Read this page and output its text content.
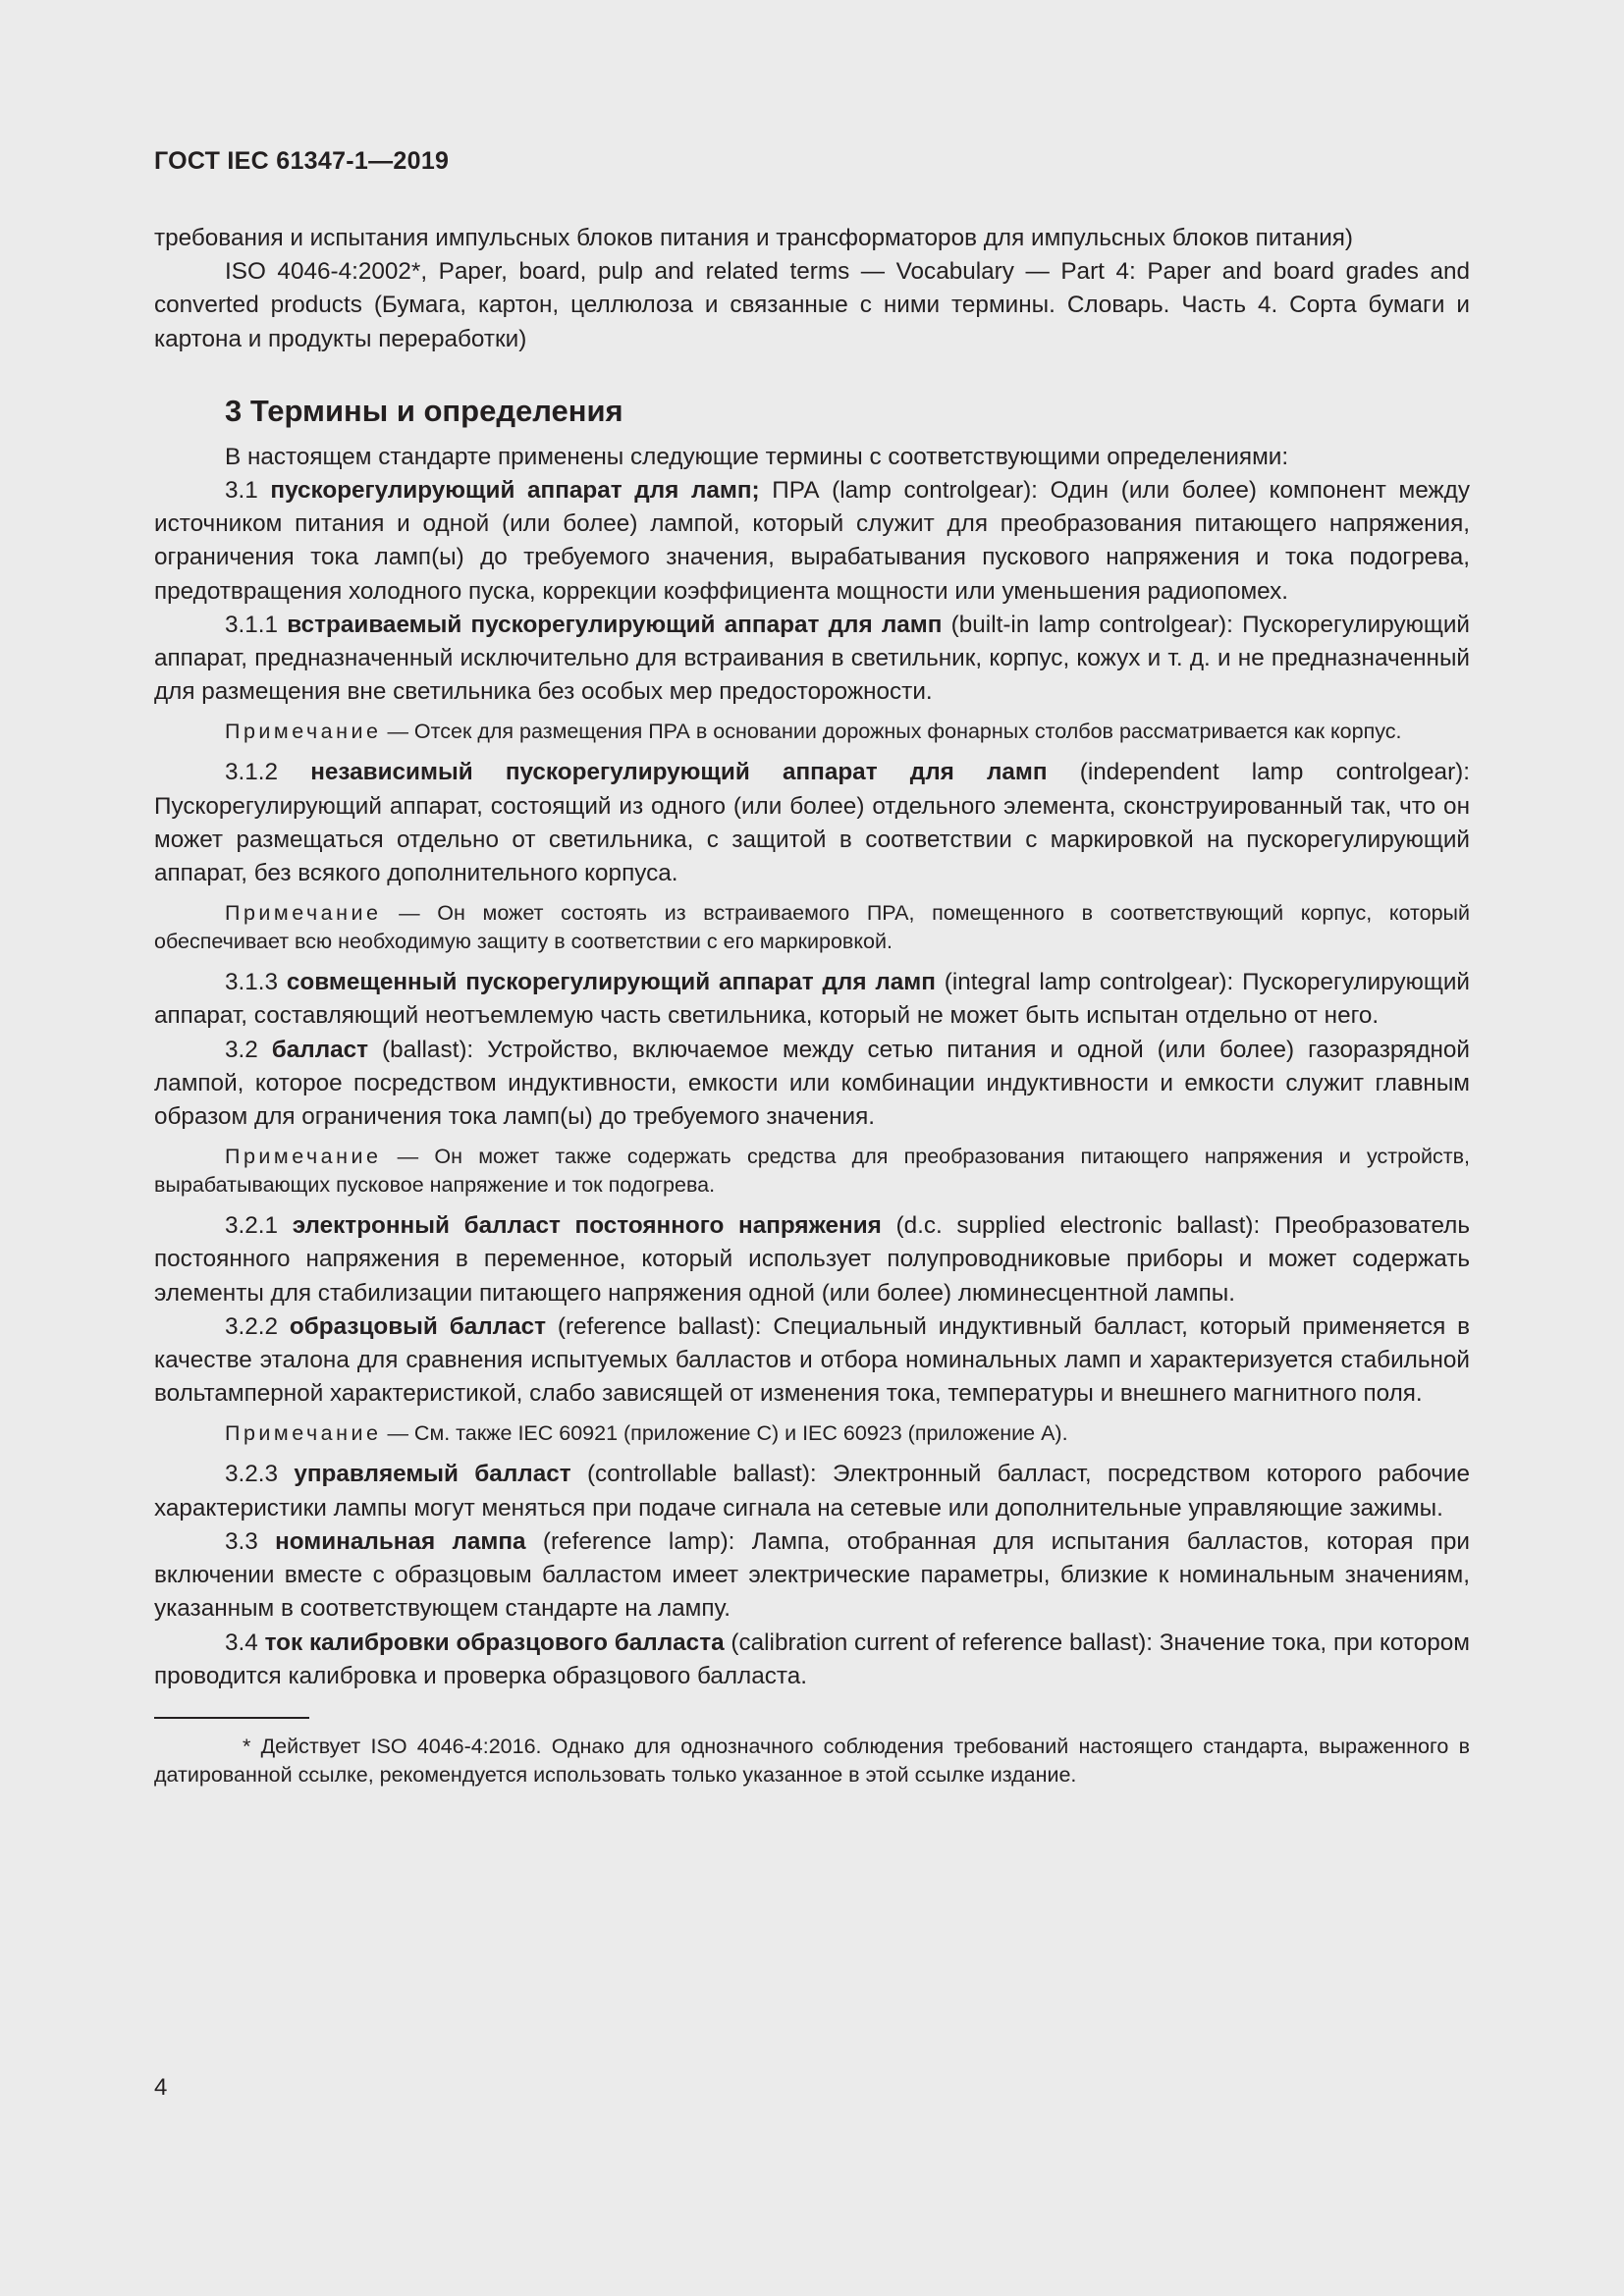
ГОСТ IEC 61347-1—2019

требования и испытания импульсных блоков питания и трансформаторов для импульсных блоков питания)

ISO 4046-4:2002*, Paper, board, pulp and related terms — Vocabulary — Part 4: Paper and board grades and converted products (Бумага, картон, целлюлоза и связанные с ними термины. Словарь. Часть 4. Сорта бумаги и картона и продукты переработки)

3 Термины и определения

В настоящем стандарте применены следующие термины с соответствующими определениями:

3.1 пускорегулирующий аппарат для ламп; ПРА (lamp controlgear): Один (или более) компонент между источником питания и одной (или более) лампой, который служит для преобразования питающего напряжения, ограничения тока ламп(ы) до требуемого значения, вырабатывания пускового напряжения и тока подогрева, предотвращения холодного пуска, коррекции коэффициента мощности или уменьшения радиопомех.

3.1.1 встраиваемый пускорегулирующий аппарат для ламп (built-in lamp controlgear): Пускорегулирующий аппарат, предназначенный исключительно для встраивания в светильник, корпус, кожух и т. д. и не предназначенный для размещения вне светильника без особых мер предосторожности.

Примечание — Отсек для размещения ПРА в основании дорожных фонарных столбов рассматривается как корпус.

3.1.2 независимый пускорегулирующий аппарат для ламп (independent lamp controlgear): Пускорегулирующий аппарат, состоящий из одного (или более) отдельного элемента, сконструированный так, что он может размещаться отдельно от светильника, с защитой в соответствии с маркировкой на пускорегулирующий аппарат, без всякого дополнительного корпуса.

Примечание — Он может состоять из встраиваемого ПРА, помещенного в соответствующий корпус, который обеспечивает всю необходимую защиту в соответствии с его маркировкой.

3.1.3 совмещенный пускорегулирующий аппарат для ламп (integral lamp controlgear): Пускорегулирующий аппарат, составляющий неотъемлемую часть светильника, который не может быть испытан отдельно от него.

3.2 балласт (ballast): Устройство, включаемое между сетью питания и одной (или более) газоразрядной лампой, которое посредством индуктивности, емкости или комбинации индуктивности и емкости служит главным образом для ограничения тока ламп(ы) до требуемого значения.

Примечание — Он может также содержать средства для преобразования питающего напряжения и устройств, вырабатывающих пусковое напряжение и ток подогрева.

3.2.1 электронный балласт постоянного напряжения (d.c. supplied electronic ballast): Преобразователь постоянного напряжения в переменное, который использует полупроводниковые приборы и может содержать элементы для стабилизации питающего напряжения одной (или более) люминесцентной лампы.

3.2.2 образцовый балласт (reference ballast): Специальный индуктивный балласт, который применяется в качестве эталона для сравнения испытуемых балластов и отбора номинальных ламп и характеризуется стабильной вольтамперной характеристикой, слабо зависящей от изменения тока, температуры и внешнего магнитного поля.

Примечание — См. также IEC 60921 (приложение С) и IEC 60923 (приложение А).

3.2.3 управляемый балласт (controllable ballast): Электронный балласт, посредством которого рабочие характеристики лампы могут меняться при подаче сигнала на сетевые или дополнительные управляющие зажимы.

3.3 номинальная лампа (reference lamp): Лампа, отобранная для испытания балластов, которая при включении вместе с образцовым балластом имеет электрические параметры, близкие к номинальным значениям, указанным в соответствующем стандарте на лампу.

3.4 ток калибровки образцового балласта (calibration current of reference ballast): Значение тока, при котором проводится калибровка и проверка образцового балласта.

* Действует ISO 4046-4:2016. Однако для однозначного соблюдения требований настоящего стандарта, выраженного в датированной ссылке, рекомендуется использовать только указанное в этой ссылке издание.

4
